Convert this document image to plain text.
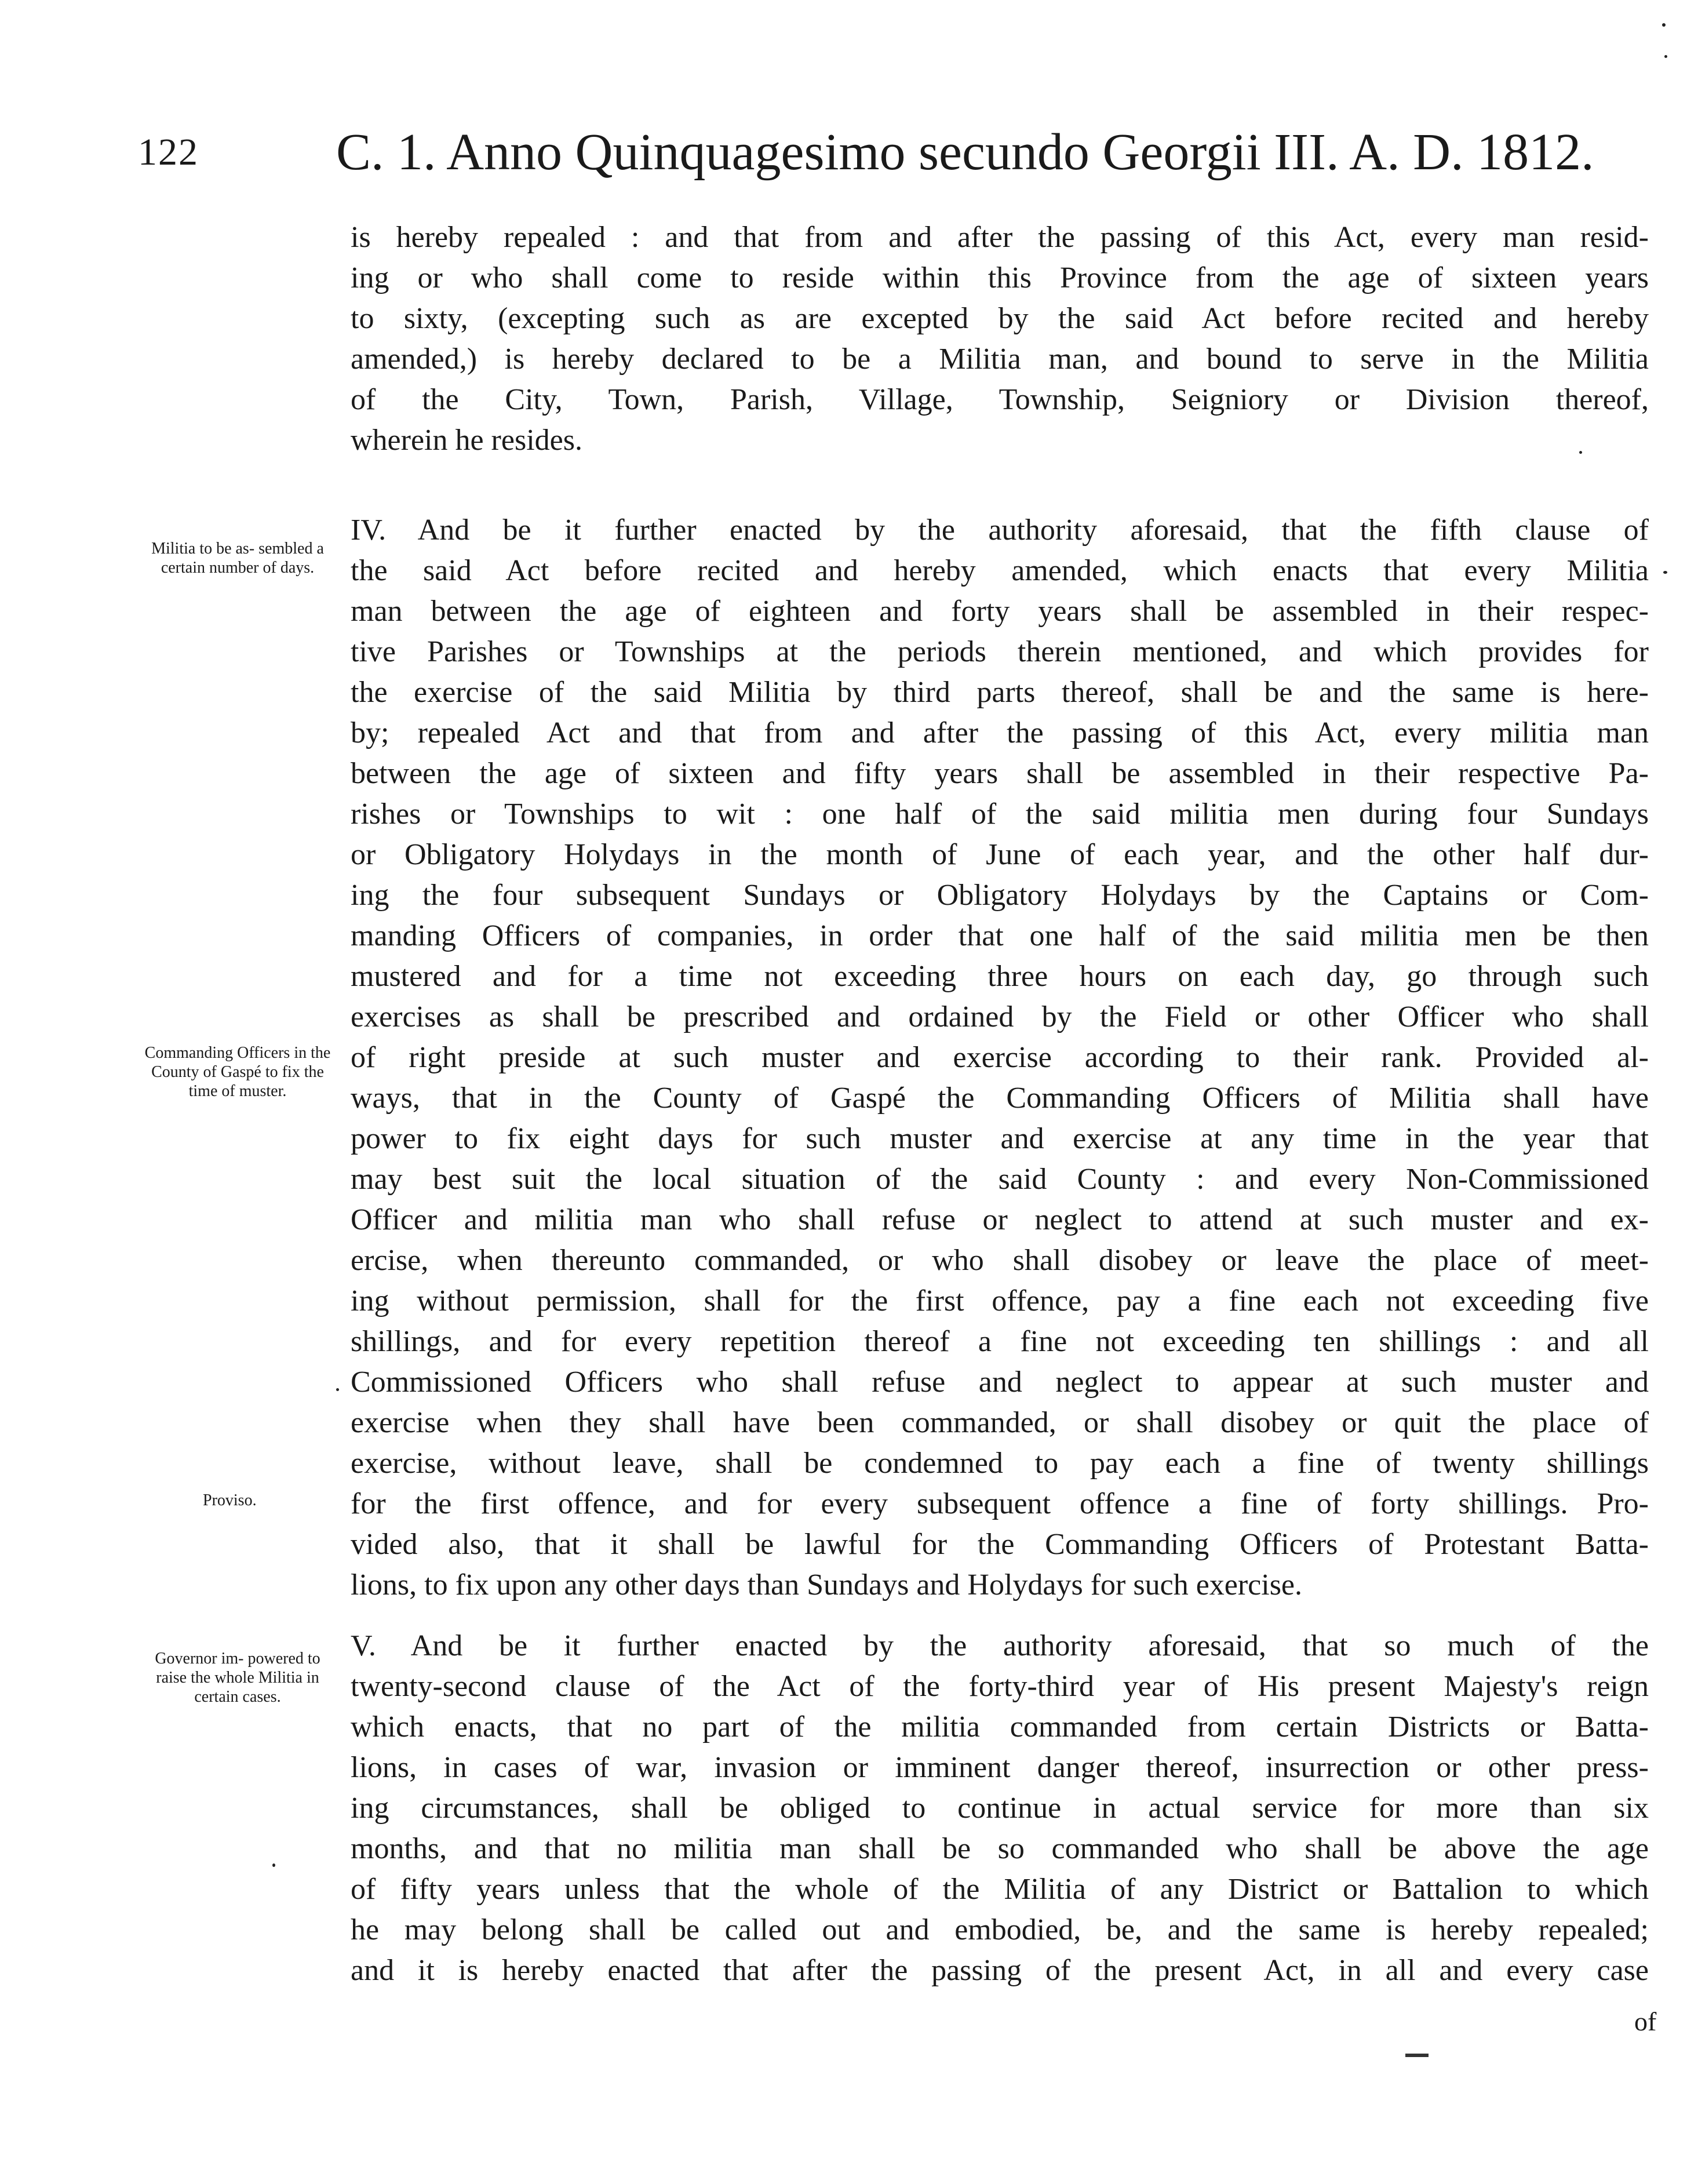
122	C. 1. Anno Quinquagesimo secundo Georgii III. A. D. 1812.
is hereby repealed : and that from and after the passing of this Act, every man resid-
ing or who shall come to reside within this Province from the age of sixteen years
to sixty, (excepting such as are excepted by the said Act before recited and hereby
amended,) is hereby declared to be a Militia man, and bound to serve in the Militia
of the City, Town, Parish, Village, Township, Seigniory or Division thereof,
wherein he resides.
Militia to be as- sembled a certain number of days.
IV. And be it further enacted by the authority aforesaid, that the fifth clause of
the said Act before recited and hereby amended, which enacts that every Militia
man between the age of eighteen and forty years shall be assembled in their respec-
tive Parishes or Townships at the periods therein mentioned, and which provides for
the exercise of the said Militia by third parts thereof, shall be and the same is here-
by; repealed Act and that from and after the passing of this Act, every militia man
between the age of sixteen and fifty years shall be assembled in their respective Pa-
rishes or Townships to wit : one half of the said militia men during four Sundays
or Obligatory Holydays in the month of June of each year, and the other half dur-
ing the four subsequent Sundays or Obligatory Holydays by the Captains or Com-
manding Officers of companies, in order that one half of the said militia men be then
mustered and for a time not exceeding three hours on each day, go through such
exercises as shall be prescribed and ordained by the Field or other Officer who shall
of right preside at such muster and exercise according to their rank. Provided al-
ways, that in the County of Gaspé the Commanding Officers of Militia shall have
power to fix eight days for such muster and exercise at any time in the year that
may best suit the local situation of the said County : and every Non-Commissioned
Officer and militia man who shall refuse or neglect to attend at such muster and ex-
ercise, when thereunto commanded, or who shall disobey or leave the place of meet-
ing without permission, shall for the first offence, pay a fine each not exceeding five
shillings, and for every repetition thereof a fine not exceeding ten shillings : and all
Commissioned Officers who shall refuse and neglect to appear at such muster and
exercise when they shall have been commanded, or shall disobey or quit the place of
exercise, without leave, shall be condemned to pay each a fine of twenty shillings
for the first offence, and for every subsequent offence a fine of forty shillings. Pro-
vided also, that it shall be lawful for the Commanding Officers of Protestant Batta-
lions, to fix upon any other days than Sundays and Holydays for such exercise.
Commanding Officers in the County of Gaspé to fix the time of muster.
Proviso.
Governor im- powered to raise the whole Militia in certain cases.
V. And be it further enacted by the authority aforesaid, that so much of the
twenty-second clause of the Act of the forty-third year of His present Majesty's reign
which enacts, that no part of the militia commanded from certain Districts or Batta-
lions, in cases of war, invasion or imminent danger thereof, insurrection or other press-
ing circumstances, shall be obliged to continue in actual service for more than six
months, and that no militia man shall be so commanded who shall be above the age
of fifty years unless that the whole of the Militia of any District or Battalion to which
he may belong shall be called out and embodied, be, and the same is hereby repealed;
and it is hereby enacted that after the passing of the present Act, in all and every case
of
